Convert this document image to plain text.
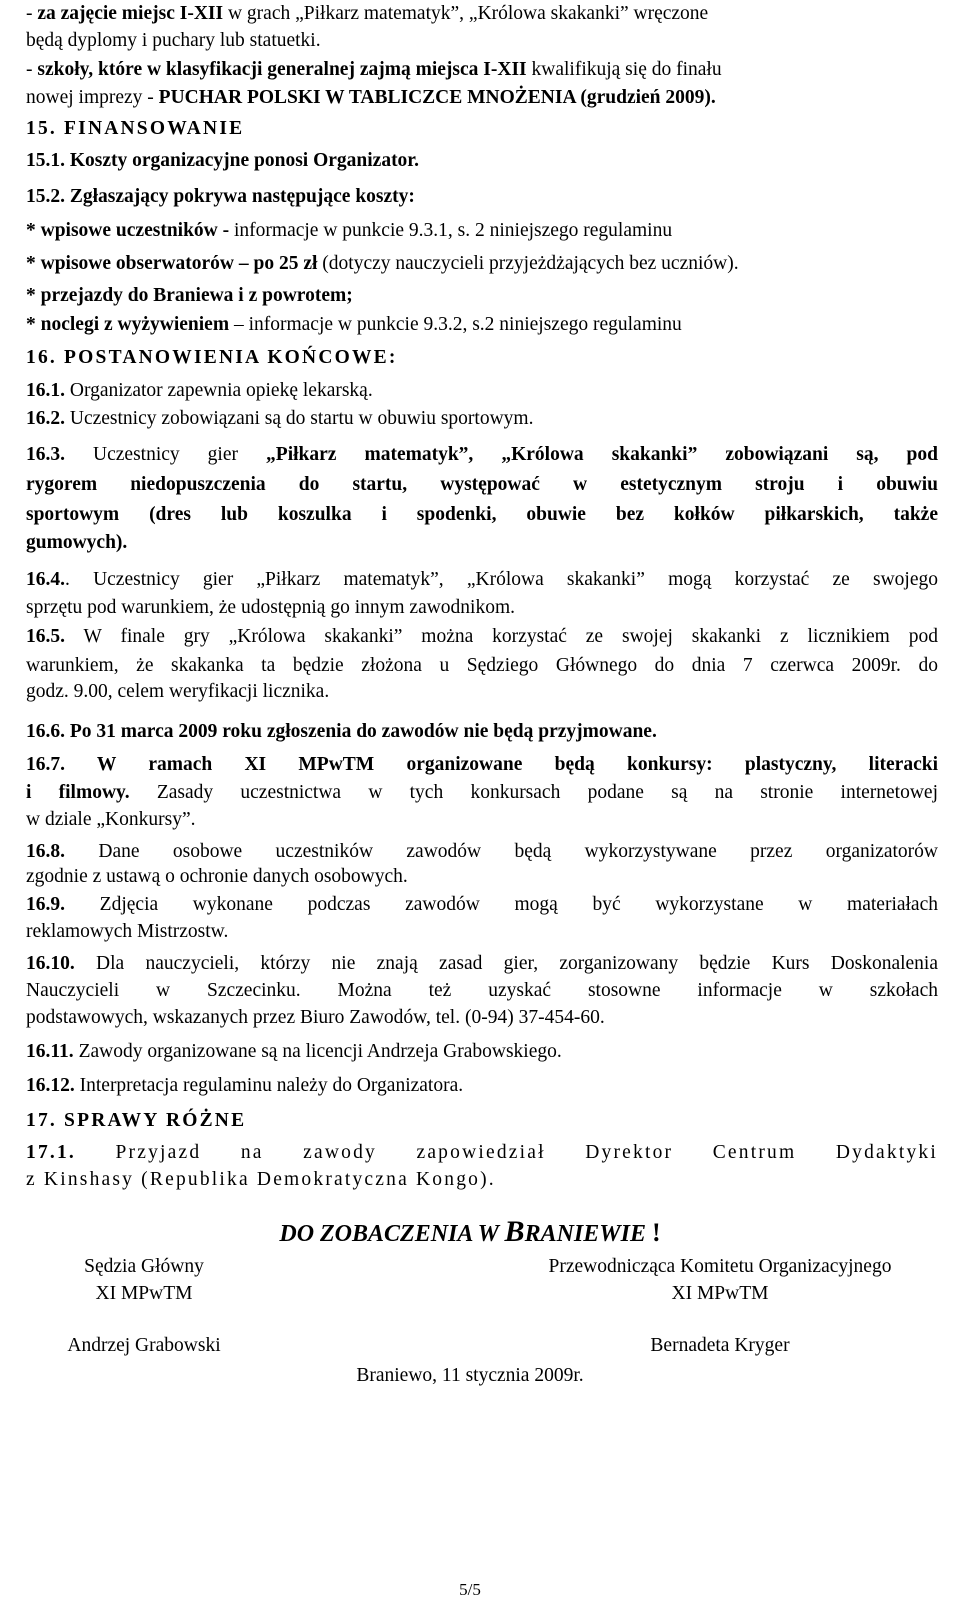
- za zajęcie miejsc I-XII w grach „Piłkarz matematyk”, „Królowa skakanki” wręczone
będą dyplomy i puchary lub statuetki.
- szkoły, które w klasyfikacji generalnej zajmą miejsca I-XII kwalifikują się do finału
nowej imprezy - PUCHAR POLSKI W TABLICZCE MNOŻENIA (grudzień 2009).
15. FINANSOWANIE
15.1. Koszty organizacyjne ponosi Organizator.
15.2. Zgłaszający pokrywa następujące koszty:
* wpisowe uczestników - informacje w punkcie 9.3.1, s. 2 niniejszego regulaminu
* wpisowe obserwatorów – po 25 zł (dotyczy nauczycieli przyjeżdżających bez uczniów).
* przejazdy do Braniewa i z powrotem;
* noclegi z wyżywieniem – informacje w punkcie 9.3.2, s.2 niniejszego regulaminu
16. POSTANOWIENIA KOŃCOWE:
16.1. Organizator zapewnia opiekę lekarską.
16.2. Uczestnicy zobowiązani są do startu w obuwiu sportowym.
16.3. Uczestnicy gier „Piłkarz matematyk”, „Królowa skakanki” zobowiązani są, pod
rygorem niedopuszczenia do startu, występować w estetycznym stroju i obuwiu
sportowym (dres lub koszulka i spodenki, obuwie bez kołków piłkarskich, także
gumowych).
16.4.. Uczestnicy gier „Piłkarz matematyk”, „Królowa skakanki” mogą korzystać ze swojego
sprzętu pod warunkiem, że udostępnią go innym zawodnikom.
16.5. W finale gry „Królowa skakanki” można korzystać ze swojej skakanki z licznikiem pod
warunkiem, że skakanka ta będzie złożona u Sędziego Głównego do dnia 7 czerwca 2009r. do
godz. 9.00, celem weryfikacji licznika.
16.6. Po 31 marca 2009 roku zgłoszenia do zawodów nie będą przyjmowane.
16.7. W ramach XI MPwTM organizowane będą konkursy: plastyczny, literacki
i filmowy. Zasady uczestnictwa w tych konkursach podane są na stronie internetowej
w dziale „Konkursy”.
16.8. Dane osobowe uczestników zawodów będą wykorzystywane przez organizatorów
zgodnie z ustawą o ochronie danych osobowych.
16.9. Zdjęcia wykonane podczas zawodów mogą być wykorzystane w materiałach
reklamowych Mistrzostw.
16.10. Dla nauczycieli, którzy nie znają zasad gier, zorganizowany będzie Kurs Doskonalenia
Nauczycieli w Szczecinku. Można też uzyskać stosowne informacje w szkołach
podstawowych, wskazanych przez Biuro Zawodów, tel. (0-94) 37-454-60.
16.11. Zawody organizowane są na licencji Andrzeja Grabowskiego.
16.12. Interpretacja regulaminu należy do Organizatora.
17. SPRAWY RÓŻNE
17.1. Przyjazd na zawody zapowiedział Dyrektor Centrum Dydaktyki
z Kinshasy (Republika Demokratyczna Kongo).
DO ZOBACZENIA W BRANIEWIE !
Sędzia Główny
XI MPwTM
Andrzej Grabowski
Przewodnicząca Komitetu Organizacyjnego
XI MPwTM
Bernadeta Kryger
Braniewo, 11 stycznia 2009r.
5/5
